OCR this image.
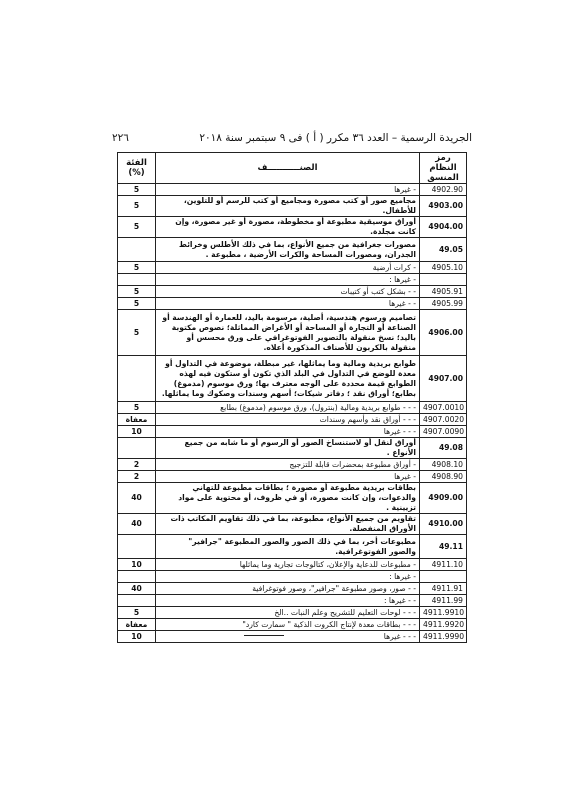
الجريدة الرسمية – العدد ٣٦ مكرر ( أ ) فى ٩ سبتمبر سنة ٢٠١٨
٢٢٦
رمز النظام المنسق	الصنـــــــــــف	الفئة (%)
4902.90	- غيرها	5
4903.00	مجاميع صور أو كتب مصورة ومجاميع أو كتب للرسم أو للتلوين، للأطفال.	5
4904.00	أوراق موسيقية مطبوعة أو مخطوطة، مصورة أو غير مصورة، وإن كانت مجلدة.	5
49.05	مصورات جغرافية من جميع الأنواع، بما في ذلك الأطلس وخرائط الجدران، ومصورات المساحة والكرات الأرضية ، مطبوعة .	
4905.10	- كرات أرضية	5
	- غيرها :	
4905.91	- - بشكل كتب أو كتيبات	5
4905.99	- - غيرها	5
4906.00	تصاميم ورسوم هندسية، أصلية، مرسومة باليد، للعمارة أو الهندسة أو الصناعة أو التجارة أو المساحة أو الأغراض المماثلة؛ نصوص مكتوبة باليد؛ نسخ منقولة بالتصوير الفوتوغرافي على ورق محسس أو منقولة بالكربون للأصناف المذكورة أعلاه.	5
4907.00	طوابع بريدية ومالية وما يماثلها، غير مبطلة، موضوعة في التداول أو معدة للوضع في التداول في البلد الذي تكون أو ستكون فيه لهذه الطوابع قيمة محددة على الوجه معترف بها؛ ورق موسوم (مدموغ) بطابع؛ أوراق نقد ؛ دفاتر شيكات؛ أسهم وسندات وصكوك وما يماثلها.	
4907.0010	- - - طوابع بريدية ومالية (بنترول)، ورق موسوم (مدموغ) بطابع	5
4907.0020	- - - أوراق نقد وأسهم وسندات	معفاة
4907.0090	- - - غيرها	10
49.08	أوراق لنقل أو لاستنساخ الصور أو الرسوم أو ما شابه من جميع الأنواع .	
4908.10	- أوراق مطبوعة بمحضرات قابلة للتزجيج	2
4908.90	- غيرها	2
4909.00	بطاقات بريدية مطبوعة أو مصورة ؛ بطاقات مطبوعة للتهاني والدعوات، وإن كانت مصورة، أو في ظروف، أو محتوية على مواد تزيينية .	40
4910.00	تقاويم من جميع الأنواع، مطبوعة، بما في ذلك تقاويم المكاتب ذات الأوراق المنفصلة.	40
49.11	مطبوعات أخر، بما في ذلك الصور والصور المطبوعة "جرافير" والصور الفوتوغرافية.	
4911.10	- مطبوعات للدعاية والإعلان، كتالوجات تجارية وما يماثلها	10
	- غيرها :	
4911.91	- - صور، وصور مطبوعة "جرافير"، وصور فوتوغرافية	40
4911.99	- - غيرها :	
4911.9910	- - - لوحات التعليم للتشريح وعلم النبات ..الخ	5
4911.9920	- - - بطاقات معدة لإنتاج الكروت الذكية " سمارت كارد"	معفاة
4911.9990	- - - غيرها	10
